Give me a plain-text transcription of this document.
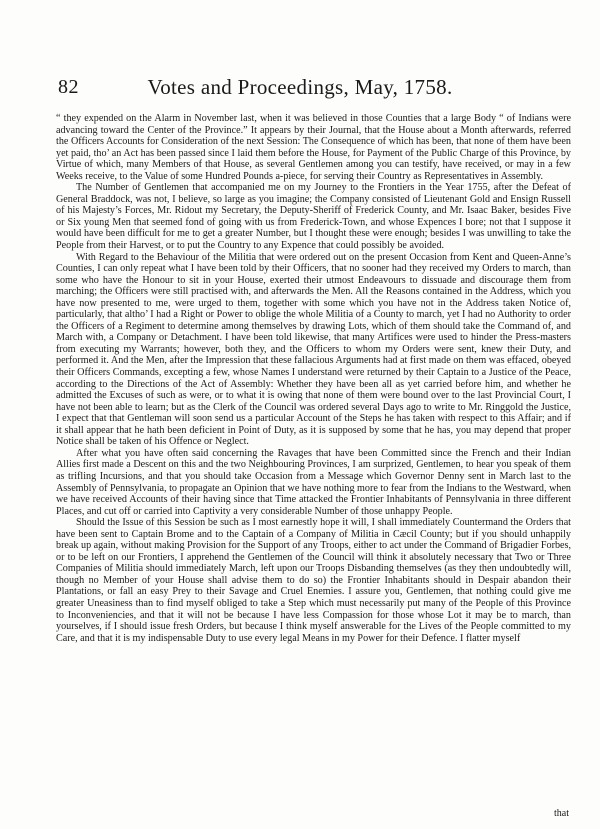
82	Votes and Proceedings, May, 1758.

“ they expended on the Alarm in November last, when it was believed in those Counties that a large Body “ of Indians were advancing toward the Center of the Province.” It appears by their Journal, that the House about a Month afterwards, referred the Officers Accounts for Consideration of the next Session: The Consequence of which has been, that none of them have been yet paid, tho’ an Act has been passed since I laid them before the House, for Payment of the Public Charge of this Province, by Virtue of which, many Members of that House, as several Gentlemen among you can testify, have received, or may in a few Weeks receive, to the Value of some Hundred Pounds a-piece, for serving their Country as Representatives in Assembly.

The Number of Gentlemen that accompanied me on my Journey to the Frontiers in the Year 1755, after the Defeat of General Braddock, was not, I believe, so large as you imagine; the Company consisted of Lieutenant Gold and Ensign Russell of his Majesty’s Forces, Mr. Ridout my Secretary, the Deputy-Sheriff of Frederick County, and Mr. Isaac Baker, besides Five or Six young Men that seemed fond of going with us from Frederick-Town, and whose Expences I bore; not that I suppose it would have been difficult for me to get a greater Number, but I thought these were enough; besides I was unwilling to take the People from their Harvest, or to put the Country to any Expence that could possibly be avoided.

With Regard to the Behaviour of the Militia that were ordered out on the present Occasion from Kent and Queen-Anne’s Counties, I can only repeat what I have been told by their Officers, that no sooner had they received my Orders to march, than some who have the Honour to sit in your House, exerted their utmost Endeavours to dissuade and discourage them from marching; the Officers were still practised with, and afterwards the Men. All the Reasons contained in the Address, which you have now presented to me, were urged to them, together with some which you have not in the Address taken Notice of, particularly, that altho’ I had a Right or Power to oblige the whole Militia of a County to march, yet I had no Authority to order the Officers of a Regiment to determine among themselves by drawing Lots, which of them should take the Command of, and March with, a Company or Detachment. I have been told likewise, that many Artifices were used to hinder the Press-masters from executing my Warrants; however, both they, and the Officers to whom my Orders were sent, knew their Duty, and performed it. And the Men, after the Impression that these fallacious Arguments had at first made on them was effaced, obeyed their Officers Commands, excepting a few, whose Names I understand were returned by their Captain to a Justice of the Peace, according to the Directions of the Act of Assembly: Whether they have been all as yet carried before him, and whether he admitted the Excuses of such as were, or to what it is owing that none of them were bound over to the last Provincial Court, I have not been able to learn; but as the Clerk of the Council was ordered several Days ago to write to Mr. Ringgold the Justice, I expect that that Gentleman will soon send us a particular Account of the Steps he has taken with respect to this Affair; and if it shall appear that he hath been deficient in Point of Duty, as it is supposed by some that he has, you may depend that proper Notice shall be taken of his Offence or Neglect.

After what you have often said concerning the Ravages that have been Committed since the French and their Indian Allies first made a Descent on this and the two Neighbouring Provinces, I am surprized, Gentlemen, to hear you speak of them as trifling Incursions, and that you should take Occasion from a Message which Governor Denny sent in March last to the Assembly of Pennsylvania, to propagate an Opinion that we have nothing more to fear from the Indians to the Westward, when we have received Accounts of their having since that Time attacked the Frontier Inhabitants of Pennsylvania in three different Places, and cut off or carried into Captivity a very considerable Number of those unhappy People.

Should the Issue of this Session be such as I most earnestly hope it will, I shall immediately Countermand the Orders that have been sent to Captain Brome and to the Captain of a Company of Militia in Cæcil County; but if you should unhappily break up again, without making Provision for the Support of any Troops, either to act under the Command of Brigadier Forbes, or to be left on our Frontiers, I apprehend the Gentlemen of the Council will think it absolutely necessary that Two or Three Companies of Militia should immediately March, left upon our Troops Disbanding themselves (as they then undoubtedly will, though no Member of your House shall advise them to do so) the Frontier Inhabitants should in Despair abandon their Plantations, or fall an easy Prey to their Savage and Cruel Enemies. I assure you, Gentlemen, that nothing could give me greater Uneasiness than to find myself obliged to take a Step which must necessarily put many of the People of this Province to Inconveniencies, and that it will not be because I have less Compassion for those whose Lot it may be to march, than yourselves, if I should issue fresh Orders, but because I think myself answerable for the Lives of the People committed to my Care, and that it is my indispensable Duty to use every legal Means in my Power for their Defence. I flatter myself

that
